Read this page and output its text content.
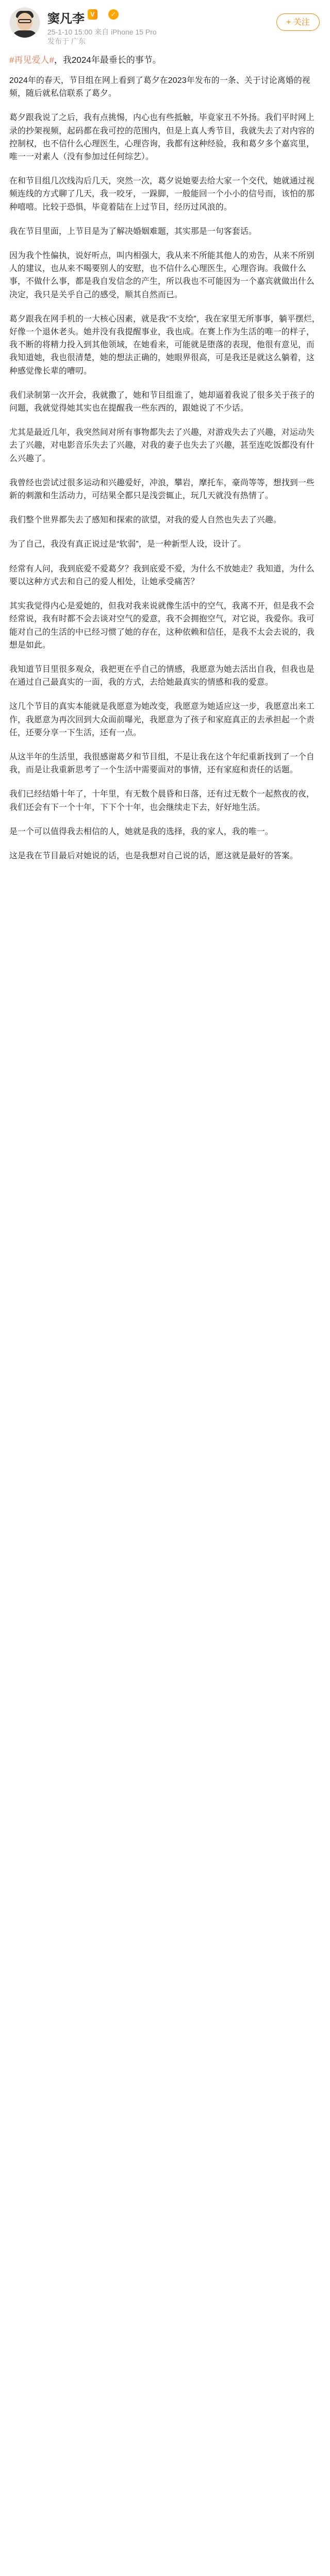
窦凡李 V	✓
25-1-10 15:00 来自 iPhone 15 Pro
发布于 广东
+ 关注
#再见爱人#，我2024年最垂长的事节。

2024年的春天，节目组在网上看到了葛夕在2023年发布的一条、关于讨论离婚的视频，随后就私信联系了葛夕。

葛夕跟我说了之后，我有点挑惕，内心也有些抵触，毕竟家丑不外扬。我们平时网上录的抄架视频，起码都在我可控的范围内，但是上真人秀节目，我就失去了对内容的控制权，也不信什么心理医生，心理咨询，我都有这种经验，我和葛夕多个嘉宾里，唯一一对素人（没有参加过任何综艺）。

在和节目组几次线沟后几天，突然一次，葛夕说她要去给大家一个交代，她就通过视频连线的方式聊了几天，我一咬牙，一跺脚，一般能回一个小小的信号而，该怕的那种嘻嘻。比较于恐惧，毕竟着陆在上过节目，经历过风浪的。

我在节目里面，上节目是为了解决婚姻难题，其实那是一句客套话。

因为我个性偏执，说好听点，叫内相强大，我从来不所能其他人的劝告，从来不所别人的建议，也从来不喝要别人的安慰，也不信什么心理医生，心理咨询。我做什么事，不做什么事，都是我自发信念的产生，所以我也不可能因为一个嘉宾就做出什么决定，我只是关乎自己的感受，顺其自然而已。

葛夕跟我在网手机的一大核心因素，就是我“不支绘”，我在家里无所事事，躺平摆烂，好像一个退休老头。她并没有我提醒事业，我也成。在赛上作为生活的唯一的样子，我不断的将精力投入到其他领域，在她看来，可能就是堕落的表现，他很有意见，而我知道她，我也很清楚，她的想法正确的，她眼界很高，可是我还是就这么躺着，这种感觉像长辈的嘈叨。

我们录制第一次开会，我就撒了，她和节目组谁了，她却逼着我说了很多关于孩子的问题，我就觉得她其实也在提醒我一些东西的，跟她说了不少话。

尤其是最近几年，我突然间对所有事物都失去了兴趣，对游戏失去了兴趣，对运动失去了兴趣，对电影音乐失去了兴趣，对我的妻子也失去了兴趣，甚至连吃饭都没有什么兴趣了。

我曾经也尝试过很多运动和兴趣爱好，冲浪，攀岩，摩托车，豪尚等等，想找到一些新的刺激和生活动力，可结果全都只是浅尝辄止，玩几天就没有热情了。

我们整个世界都失去了感知和探索的欲望，对我的爱人自然也失去了兴趣。

为了自己，我没有真正说过是“软弱”，是一种新型人设，设计了。

经常有人问，我到底爱不爱葛夕？我到底爱不爱，为什么不放她走？我知道，为什么要以这种方式去和自己的爱人相处，让她承受痛苦？

其实我觉得内心是爱她的，但我对我来说就像生活中的空气，我离不开，但是我不会经常说，我有时都不会去谈对空气的爱意，我不会拥抱空气，对它说，我爱你。我可能对自己的生活的中已经习惯了她的存在，这种依赖和信任，是我不太会去说的，我想是如此。

我知道节目里很多观众，我把更在乎自己的情感，我愿意为她去活出自我，但我也是在通过自己最真实的一面，我的方式，去给她最真实的情感和我的爱意。

这几个节目的真实本能就是我愿意为她改变，我愿意为她适应这一步，我愿意出来工作，我愿意为再次回到大众面前曝光，我愿意为了孩子和家庭真正的去承担起一个责任，还要分享一下生活，还有一点。

从这半年的生活里，我很感谢葛夕和节目组，不是让我在这个年纪重新找到了一个自我，而是让我重新思考了一个生活中需要面对的事情，还有家庭和责任的话题。

我们已经结婚十年了，十年里，有无数个晨昏和日落，还有过无数个一起熬夜的夜，我们还会有下一个十年，下下个十年，也会继续走下去，好好地生活。

是一个可以值得我去相信的人，她就是我的选择，我的家人，我的唯一。

这是我在节目最后对她说的话，也是我想对自己说的话，愿这就是最好的答案。
